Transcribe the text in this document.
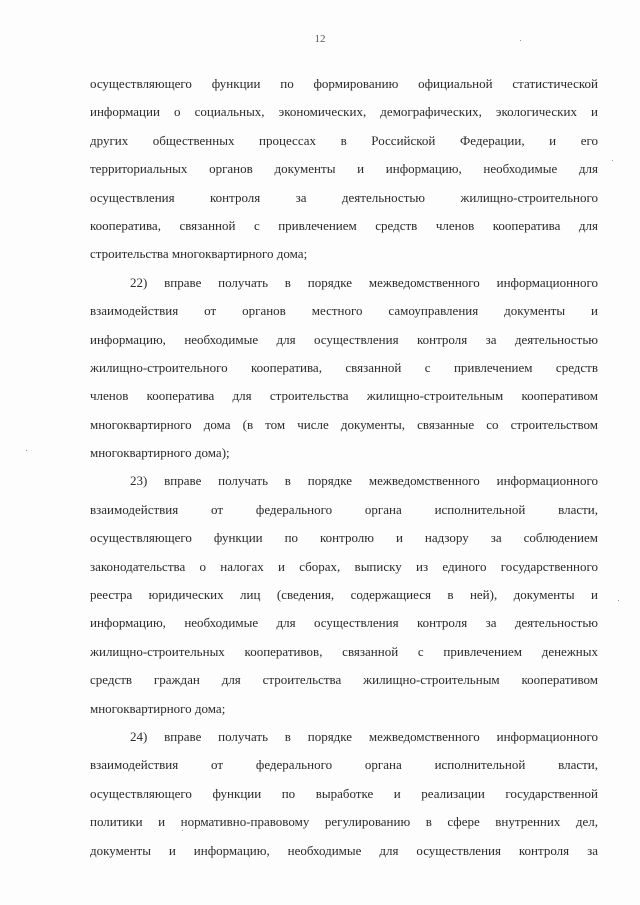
12

осуществляющего функции по формированию официальной статистической
информации о социальных, экономических, демографических, экологических и
других общественных процессах в Российской Федерации, и его
территориальных органов документы и информацию, необходимые для
осуществления контроля за деятельностью жилищно-строительного
кооператива, связанной с привлечением средств членов кооператива для
строительства многоквартирного дома;

22) вправе получать в порядке межведомственного информационного
взаимодействия от органов местного самоуправления документы и
информацию, необходимые для осуществления контроля за деятельностью
жилищно-строительного кооператива, связанной с привлечением средств
членов кооператива для строительства жилищно-строительным кооперативом
многоквартирного дома (в том числе документы, связанные со строительством
многоквартирного дома);

23) вправе получать в порядке межведомственного информационного
взаимодействия от федерального органа исполнительной власти,
осуществляющего функции по контролю и надзору за соблюдением
законодательства о налогах и сборах, выписку из единого государственного
реестра юридических лиц (сведения, содержащиеся в ней), документы и
информацию, необходимые для осуществления контроля за деятельностью
жилищно-строительных кооперативов, связанной с привлечением денежных
средств граждан для строительства жилищно-строительным кооперативом
многоквартирного дома;

24) вправе получать в порядке межведомственного информационного
взаимодействия от федерального органа исполнительной власти,
осуществляющего функции по выработке и реализации государственной
политики и нормативно-правовому регулированию в сфере внутренних дел,
документы и информацию, необходимые для осуществления контроля за
